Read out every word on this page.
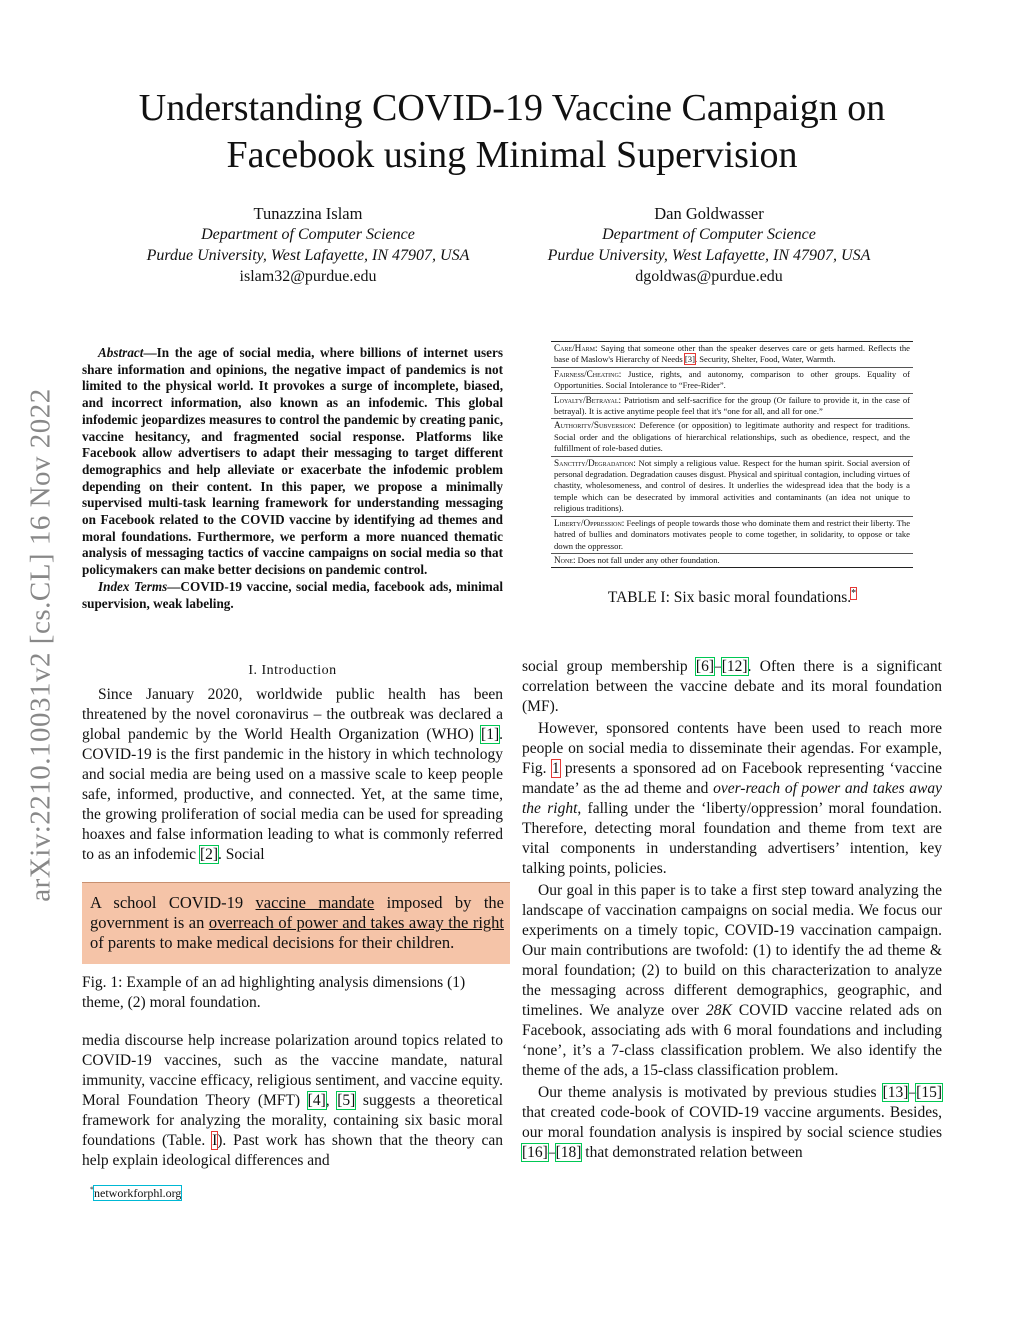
arXiv:2210.10031v2 [cs.CL] 16 Nov 2022
Understanding COVID-19 Vaccine Campaign on
Facebook using Minimal Supervision
Tunazzina Islam
Department of Computer Science
Purdue University, West Lafayette, IN 47907, USA
islam32@purdue.edu
Dan Goldwasser
Department of Computer Science
Purdue University, West Lafayette, IN 47907, USA
dgoldwas@purdue.edu

Abstract—In the age of social media, where billions of internet users share information and opinions, the negative impact of pandemics is not limited to the physical world. It provokes a surge of incomplete, biased, and incorrect information, also known as an infodemic. This global infodemic jeopardizes measures to control the pandemic by creating panic, vaccine hesitancy, and fragmented social response. Platforms like Facebook allow advertisers to adapt their messaging to target different demographics and help alleviate or exacerbate the infodemic problem depending on their content. In this paper, we propose a minimally supervised multi-task learning framework for understanding messaging on Facebook related to the COVID vaccine by identifying ad themes and moral foundations. Furthermore, we perform a more nuanced thematic analysis of messaging tactics of vaccine campaigns on social media so that policymakers can make better decisions on pandemic control.

Index Terms—COVID-19 vaccine, social media, facebook ads, minimal supervision, weak labeling.

I. Introduction

Since January 2020, worldwide public health has been threatened by the novel coronavirus – the outbreak was declared a global pandemic by the World Health Organization (WHO) [1]. COVID-19 is the first pandemic in the history in which technology and social media are being used on a massive scale to keep people safe, informed, productive, and connected. Yet, at the same time, the growing proliferation of social media can be used for spreading hoaxes and false information leading to what is commonly referred to as an infodemic [2]. Social

A school COVID-19 vaccine mandate imposed by the government is an overreach of power and takes away the right of parents to make medical decisions for their children.
Fig. 1: Example of an ad highlighting analysis dimensions (1) theme, (2) moral foundation.

media discourse help increase polarization around topics related to COVID-19 vaccines, such as the vaccine mandate, natural immunity, vaccine efficacy, religious sentiment, and vaccine equity. Moral Foundation Theory (MFT) [4], [5] suggests a theoretical framework for analyzing the morality, containing six basic moral foundations (Table. I). Past work has shown that the theory can help explain ideological differences and

*networkforphl.org
Care/Harm: Saying that someone other than the speaker deserves care or gets harmed. Reflects the base of Maslow's Hierarchy of Needs [3]. Security, Shelter, Food, Water, Warmth.
Fairness/Cheating: Justice, rights, and autonomy, comparison to other groups. Equality of Opportunities. Social Intolerance to “Free-Rider”.
Loyalty/Betrayal: Patriotism and self-sacrifice for the group (Or failure to provide it, in the case of betrayal). It is active anytime people feel that it's “one for all, and all for one.”
Authority/Subversion: Deference (or opposition) to legitimate authority and respect for traditions. Social order and the obligations of hierarchical relationships, such as obedience, respect, and the fulfillment of role-based duties.
Sanctity/Degradation: Not simply a religious value. Respect for the human spirit. Social aversion of personal degradation. Degradation causes disgust. Physical and spiritual contagion, including virtues of chastity, wholesomeness, and control of desires. It underlies the widespread idea that the body is a temple which can be desecrated by immoral activities and contaminants (an idea not unique to religious traditions).
Liberty/Oppression: Feelings of people towards those who dominate them and restrict their liberty. The hatred of bullies and dominators motivates people to come together, in solidarity, to oppose or take down the oppressor.
None: Does not fall under any other foundation.
TABLE I: Six basic moral foundations.*

social group membership [6]–[12]. Often there is a significant correlation between the vaccine debate and its moral foundation (MF).

However, sponsored contents have been used to reach more people on social media to disseminate their agendas. For example, Fig. 1 presents a sponsored ad on Facebook representing ‘vaccine mandate’ as the ad theme and over-reach of power and takes away the right, falling under the ‘liberty/oppression’ moral foundation. Therefore, detecting moral foundation and theme from text are vital components in understanding advertisers’ intention, key talking points, policies.

Our goal in this paper is to take a first step toward analyzing the landscape of vaccination campaigns on social media. We focus our experiments on a timely topic, COVID-19 vaccination campaign. Our main contributions are twofold: (1) to identify the ad theme & moral foundation; (2) to build on this characterization to analyze the messaging across different demographics, geographic, and timelines. We analyze over 28K COVID vaccine related ads on Facebook, associating ads with 6 moral foundations and including ‘none’, it’s a 7-class classification problem. We also identify the theme of the ads, a 15-class classification problem.

Our theme analysis is motivated by previous studies [13]–[15] that created code-book of COVID-19 vaccine arguments. Besides, our moral foundation analysis is inspired by social science studies [16]–[18] that demonstrated relation between
